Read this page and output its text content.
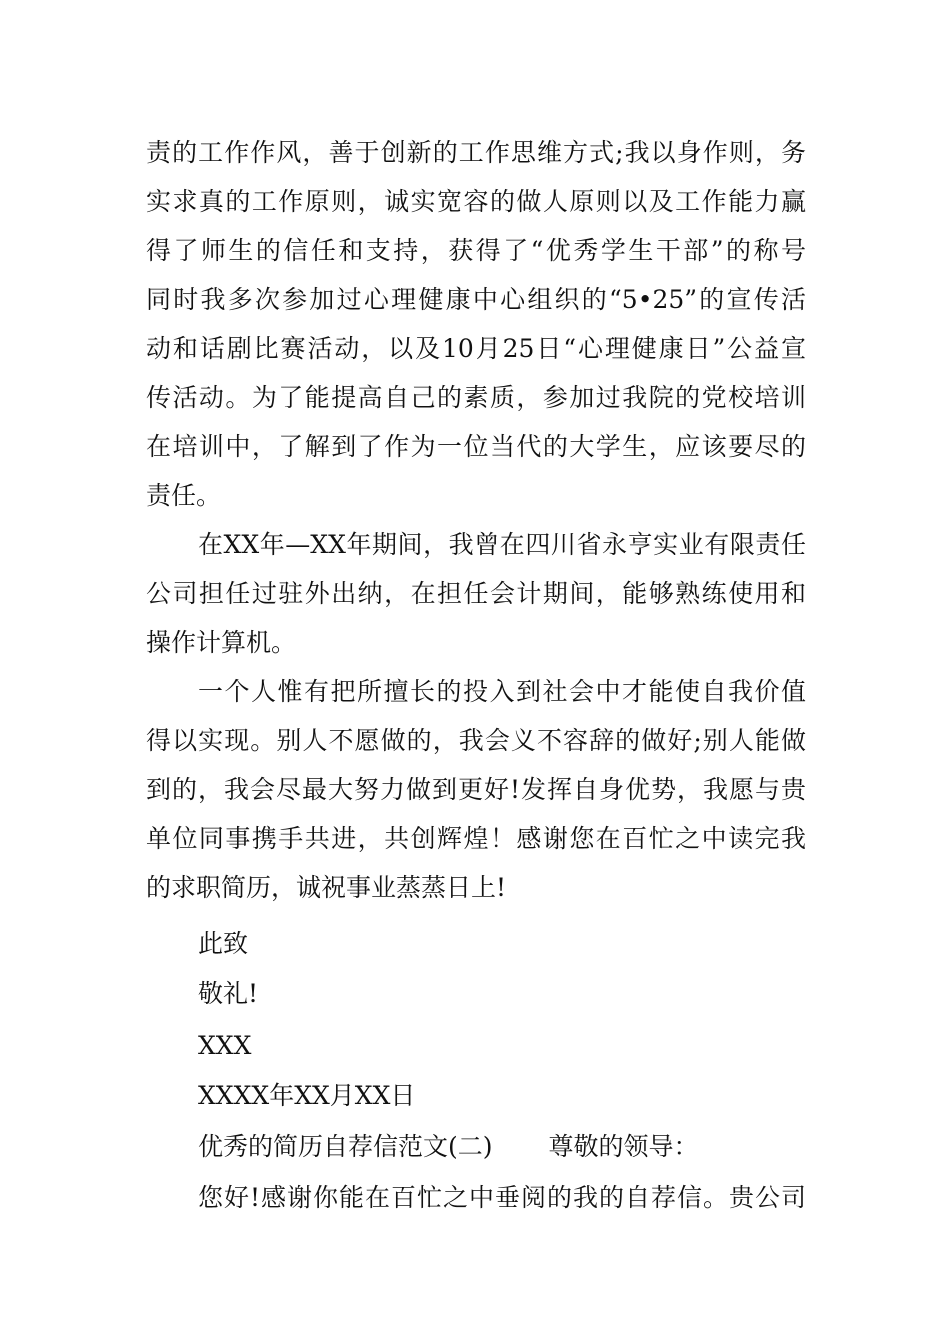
责的工作作风，善于创新的工作思维方式;我以身作则，务
实求真的工作原则，诚实宽容的做人原则以及工作能力赢
得了师生的信任和支持，获得了“优秀学生干部”的称号
同时我多次参加过心理健康中心组织的“5•25”的宣传活
动和话剧比赛活动，以及10月25日“心理健康日”公益宣
传活动。为了能提高自己的素质，参加过我院的党校培训
在培训中，了解到了作为一位当代的大学生，应该要尽的
责任。
在XX年—XX年期间，我曾在四川省永亨实业有限责任
公司担任过驻外出纳，在担任会计期间，能够熟练使用和
操作计算机。
一个人惟有把所擅长的投入到社会中才能使自我价值
得以实现。别人不愿做的，我会义不容辞的做好;别人能做
到的，我会尽最大努力做到更好!发挥自身优势，我愿与贵
单位同事携手共进，共创辉煌！感谢您在百忙之中读完我
的求职简历，诚祝事业蒸蒸日上!
此致
敬礼!
XXX
XXXX年XX月XX日
优秀的简历自荐信范文(二) 尊敬的领导：
您好!感谢你能在百忙之中垂阅的我的自荐信。贵公司
